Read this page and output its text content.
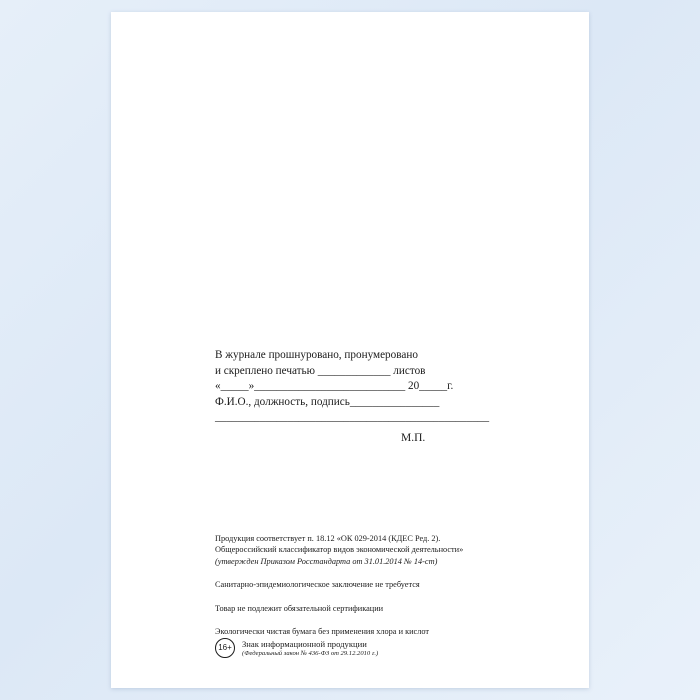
В журнале прошнуровано, пронумеровано
и скреплено печатью _____________ листов
«_____»___________________________ 20_____г.
Ф.И.О., должность, подпись________________
_________________________________________________
М.П.
Продукция соответствует п. 18.12 «ОК 029-2014 (КДЕС Ред. 2).
Общероссийский классификатор видов экономической деятельности»
(утвержден Приказом Росстандарта от 31.01.2014 № 14-ст)
Санитарно-эпидемиологическое заключение не требуется
Товар не подлежит обязательной сертификации
Экологически чистая бумага без применения хлора и кислот
16+	Знак информационной продукции
(Федеральный закон № 436-ФЗ от 29.12.2010 г.)
